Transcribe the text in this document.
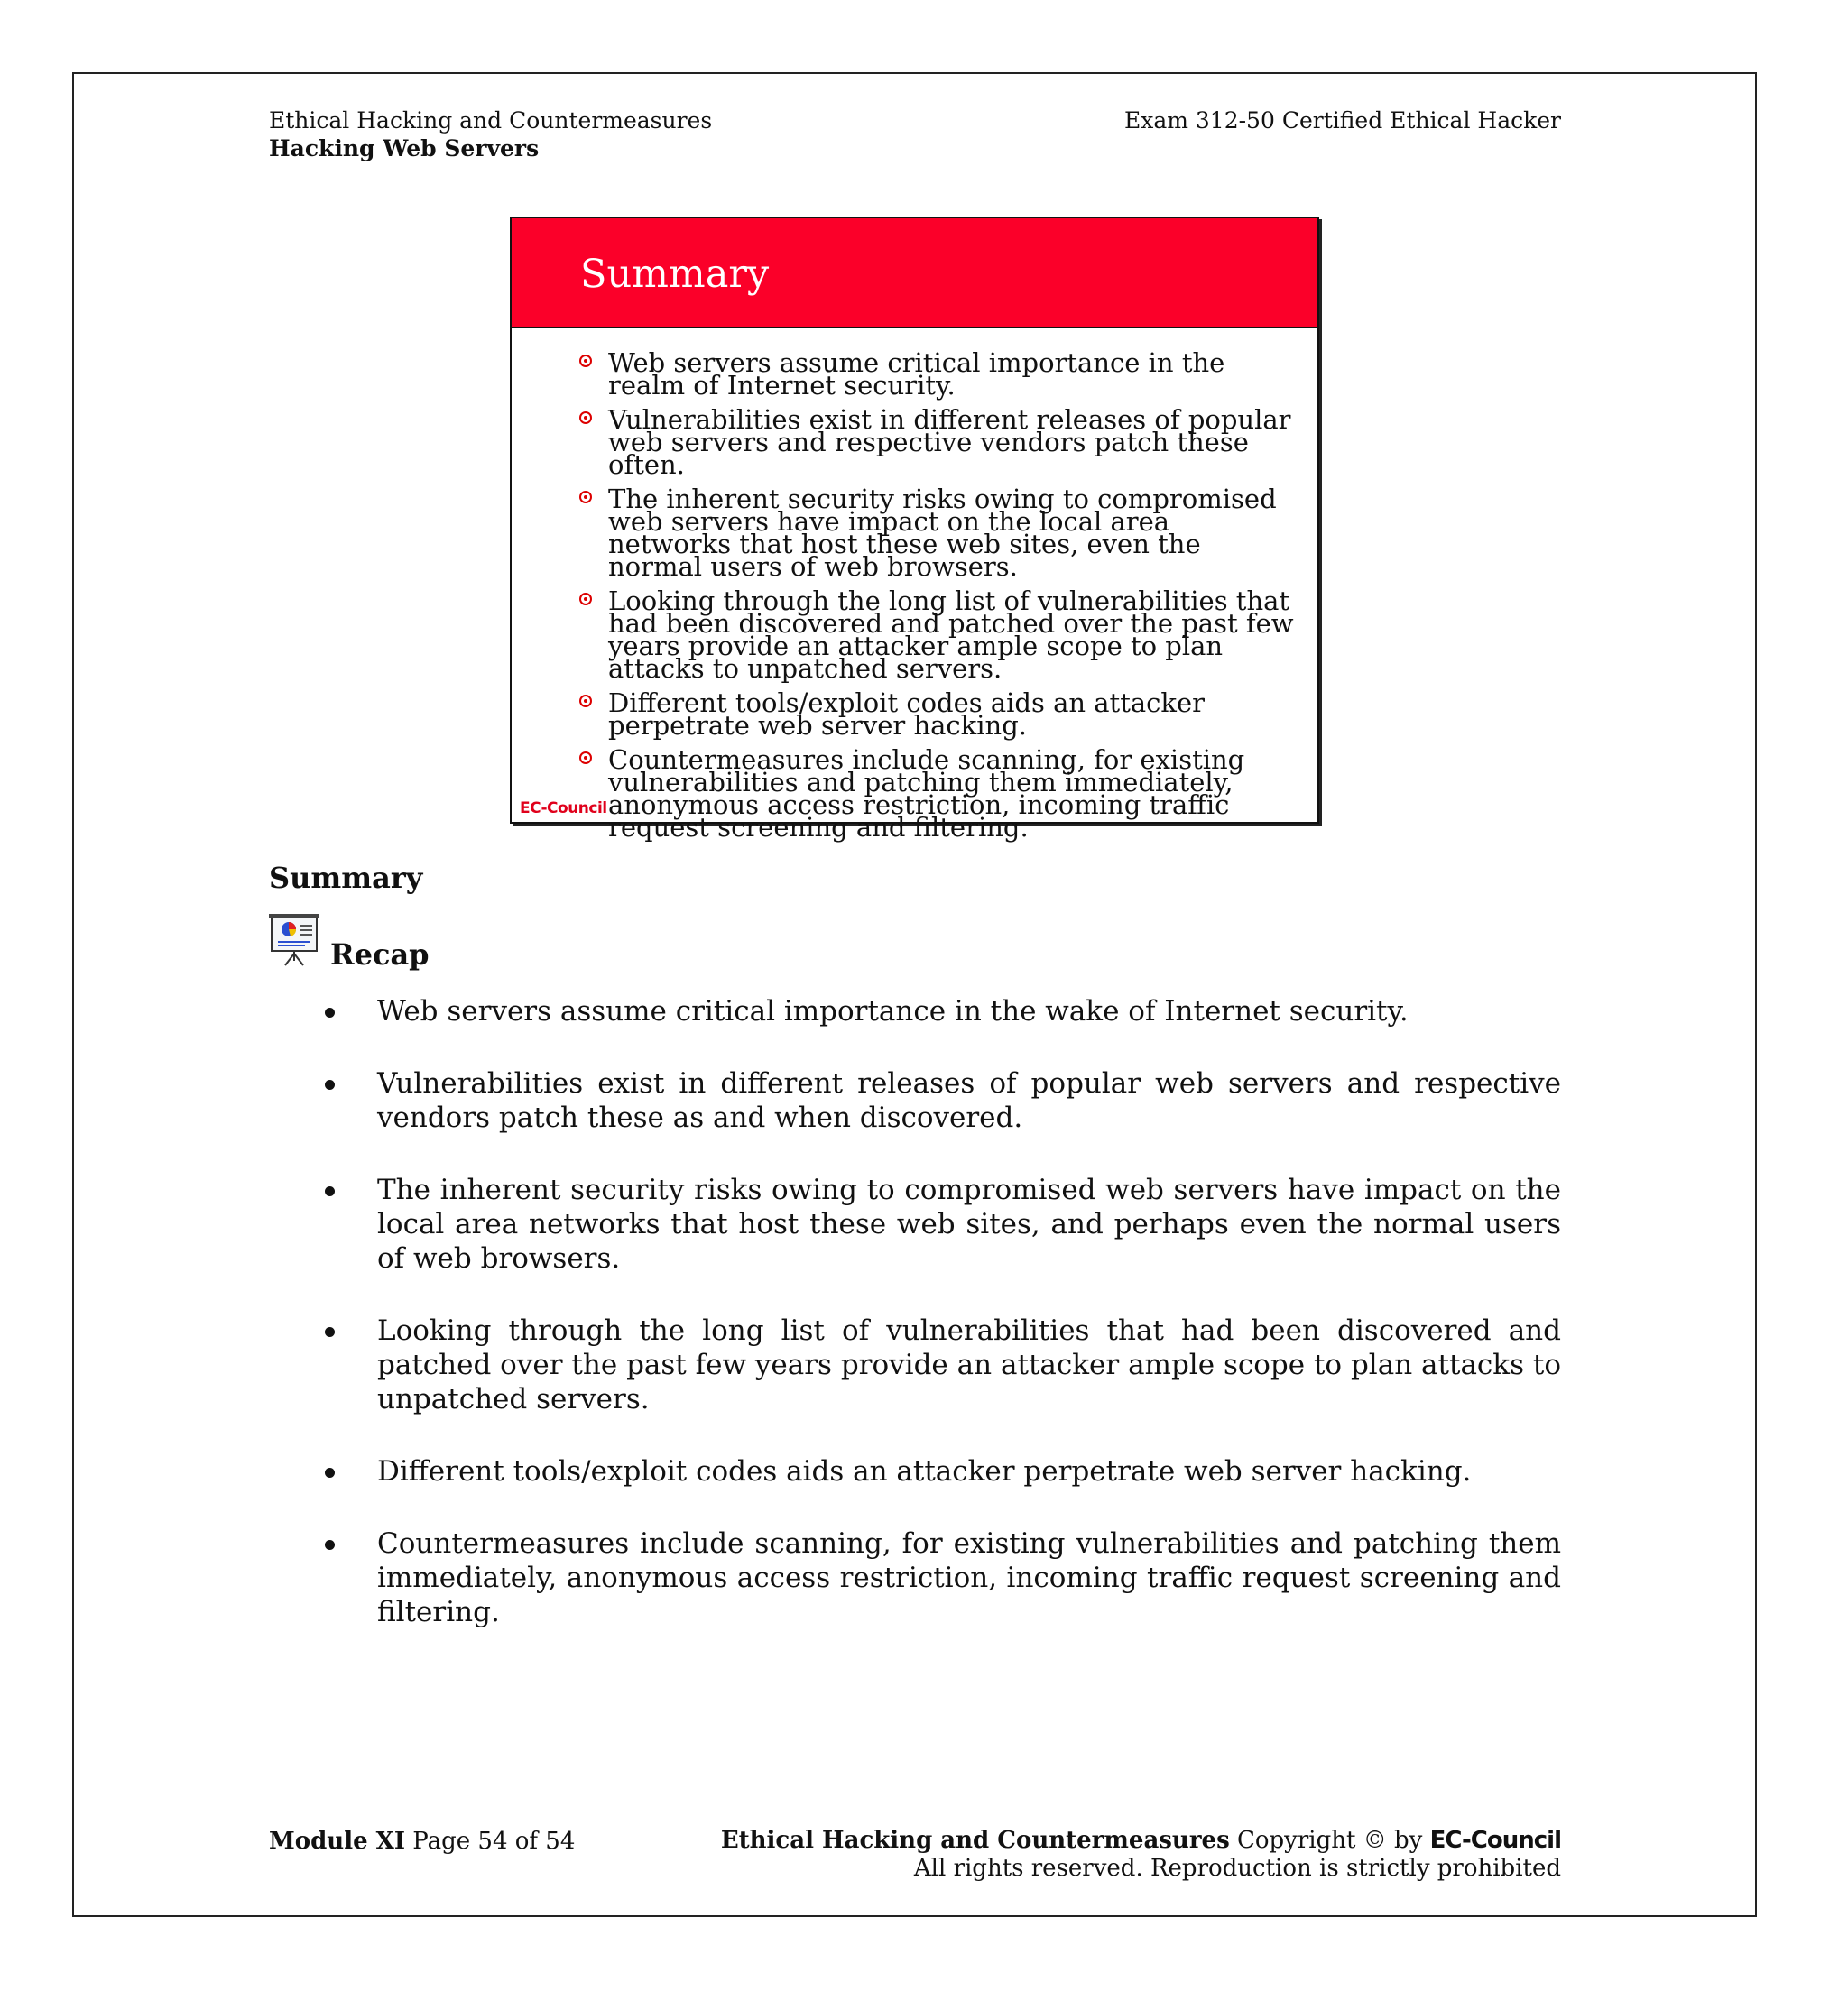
Ethical Hacking and Countermeasures
Hacking Web Servers
Exam 312-50 Certified Ethical Hacker
Summary
Web servers assume critical importance in the realm of Internet security.
Vulnerabilities exist in different releases of popular web servers and respective vendors patch these often.
The inherent security risks owing to compromised web servers have impact on the local area networks that host these web sites, even the normal users of web browsers.
Looking through the long list of vulnerabilities that had been discovered and patched over the past few years provide an attacker ample scope to plan attacks to unpatched servers.
Different tools/exploit codes aids an attacker perpetrate web server hacking.
Countermeasures include scanning, for existing vulnerabilities and patching them immediately, anonymous access restriction, incoming traffic request screening and filtering.
EC-Council
Summary
Recap
Web servers assume critical importance in the wake of Internet security.
Vulnerabilities exist in different releases of popular web servers and respective vendors patch these as and when discovered.
The inherent security risks owing to compromised web servers have impact on the local area networks that host these web sites, and perhaps even the normal users of web browsers.
Looking through the long list of vulnerabilities that had been discovered and patched over the past few years provide an attacker ample scope to plan attacks to unpatched servers.
Different tools/exploit codes aids an attacker perpetrate web server hacking.
Countermeasures include scanning, for existing vulnerabilities and patching them immediately, anonymous access restriction, incoming traffic request screening and filtering.
Module XI Page 54 of 54	Ethical Hacking and Countermeasures Copyright © by EC-Council
All rights reserved. Reproduction is strictly prohibited
